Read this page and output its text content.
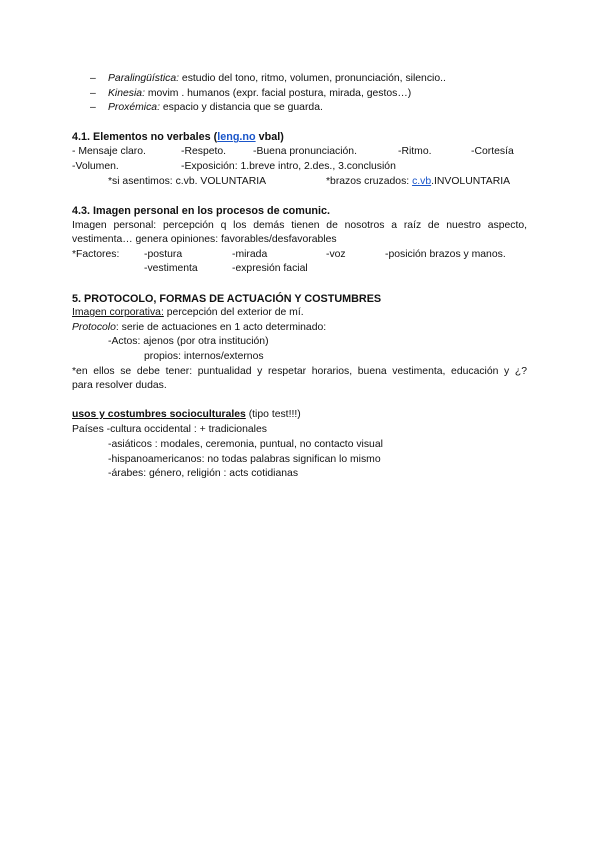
– Paralingüística: estudio del tono, ritmo, volumen, pronunciación, silencio..
– Kinesia: movim . humanos (expr. facial postura, mirada, gestos…)
– Proxémica: espacio y distancia que se guarda.
4.1. Elementos no verbales (leng.no vbal)
- Mensaje claro.	-Respeto.	-Buena pronunciación.	-Ritmo.	-Cortesía
-Volumen.	-Exposición: 1.breve intro, 2.des., 3.conclusión
*si asentimos: c.vb. VOLUNTARIA	*brazos cruzados: c.vb.INVOLUNTARIA
4.3. Imagen personal en los procesos de comunic.
Imagen personal: percepción q los demás tienen de nosotros a raíz de nuestro aspecto,
vestimenta… genera opiniones: favorables/desfavorables
*Factores: -postura	-mirada	-voz	-posición brazos y manos.
-vestimenta	-expresión facial
5. PROTOCOLO, FORMAS DE ACTUACIÓN Y COSTUMBRES
Imagen corporativa: percepción del exterior de mí.
Protocolo: serie de actuaciones en 1 acto determinado:
-Actos: ajenos (por otra institución)
propios: internos/externos
*en ellos se debe tener: puntualidad y respetar horarios, buena vestimenta, educación y ¿?
para resolver dudas.
usos y costumbres socioculturales (tipo test!!!)
Países -cultura occidental : + tradicionales
-asiáticos : modales, ceremonia, puntual, no contacto visual
-hispanoamericanos: no todas palabras significan lo mismo
-árabes: género, religión : acts cotidianas
